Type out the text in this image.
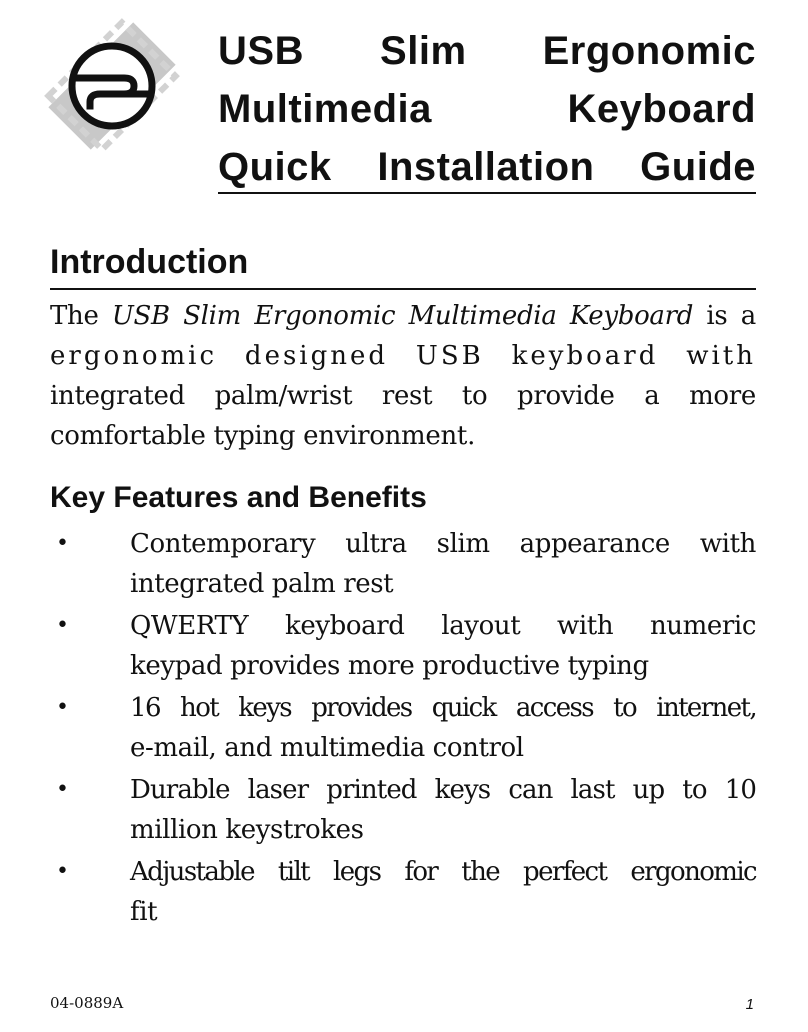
USB Slim Ergonomic
Multimedia Keyboard
Quick Installation Guide
Introduction
The USB Slim Ergonomic Multimedia Keyboard is a
ergonomic designed USB keyboard with
integrated palm/wrist rest to provide a more
comfortable typing environment.
Key Features and Benefits
• Contemporary ultra slim appearance with
integrated palm rest
• QWERTY keyboard layout with numeric
keypad provides more productive typing
• 16 hot keys provides quick access to internet,
e-mail, and multimedia control
• Durable laser printed keys can last up to 10
million keystrokes
• Adjustable tilt legs for the perfect ergonomic
fit
04-0889A	1
